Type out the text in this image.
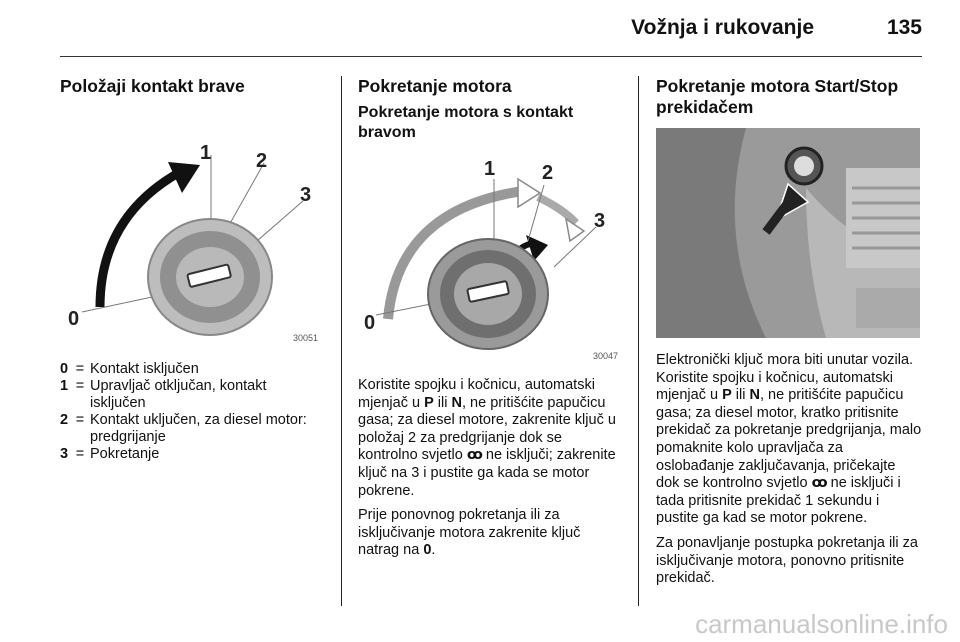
Vožnja i rukovanje	135
Položaji kontakt brave
0
1 2
3
30051
0 = Kontakt isključen
1 = Upravljač otključan, kontakt isključen
2 = Kontakt uključen, za diesel motor: predgrijanje
3 = Pokretanje
Pokretanje motora
Pokretanje motora s kontakt bravom
0
1 2
3
30047

Koristite spojku i kočnicu, automatski mjenjač u P ili N, ne pritišćite papučicu gasa; za diesel motore, zakrenite ključ u položaj 2 za predgrijanje dok se kontrolno svjetlo ꝏ ne isključi; zakrenite ključ na 3 i pustite ga kada se motor pokrene.

Prije ponovnog pokretanja ili za isključivanje motora zakrenite ključ natrag na 0.

Pokretanje motora Start/Stop prekidačem

Elektronički ključ mora biti unutar vozila. Koristite spojku i kočnicu, automatski mjenjač u P ili N, ne pritišćite papučicu gasa; za diesel motor, kratko pritisnite prekidač za pokretanje predgrijanja, malo pomaknite kolo upravljača za oslobađanje zaključavanja, pričekajte dok se kontrolno svjetlo ꝏ ne isključi i tada pritisnite prekidač 1 sekundu i pustite ga kad se motor pokrene.

Za ponavljanje postupka pokretanja ili za isključivanje motora, ponovno pritisnite prekidač.

carmanualsonline.info
